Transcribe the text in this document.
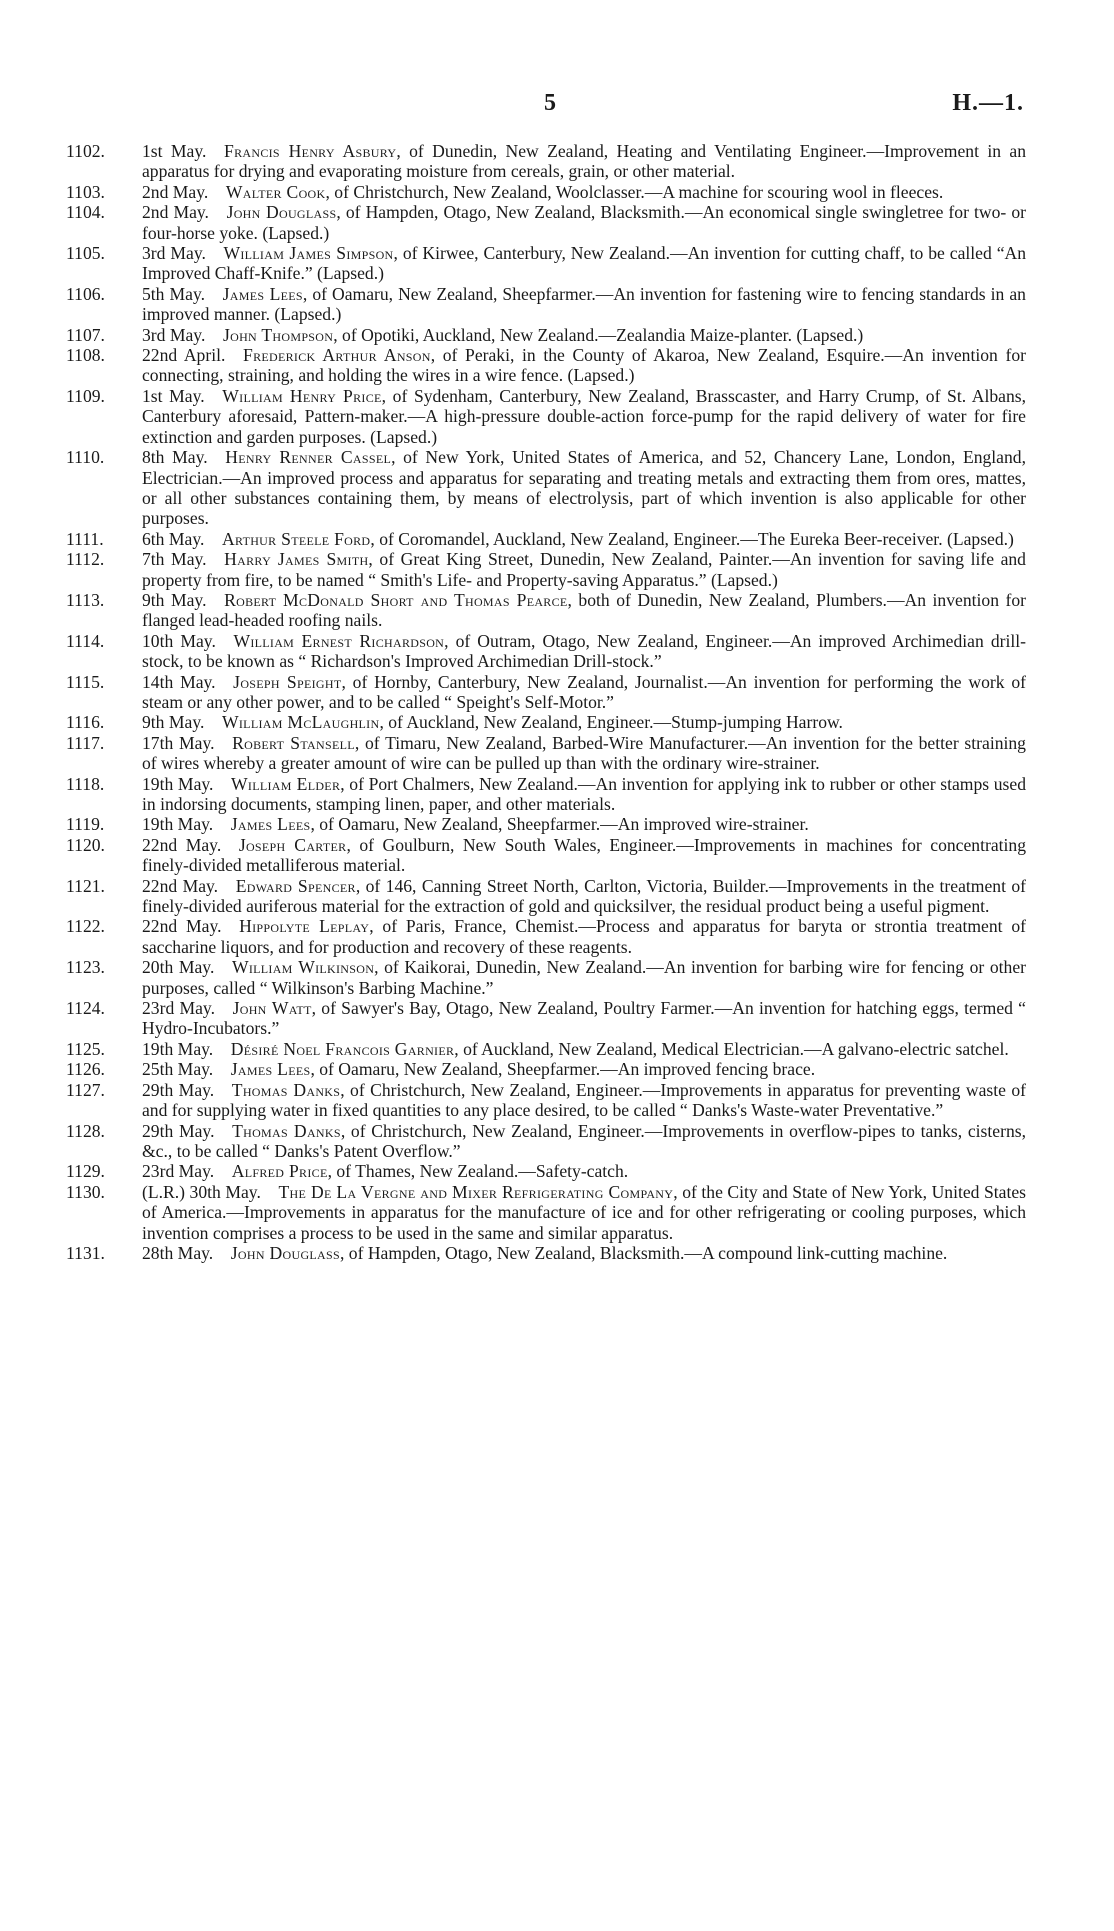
5	H.—1.
1102.	1st May.  Francis Henry Asbury, of Dunedin, New Zealand, Heating and Ventilating Engineer.—Improvement in an apparatus for drying and evaporating moisture from cereals, grain, or other material.
1103.	2nd May.  Walter Cook, of Christchurch, New Zealand, Woolclasser.—A machine for scouring wool in fleeces.
1104.	2nd May.  John Douglass, of Hampden, Otago, New Zealand, Blacksmith.—An economical single swingletree for two- or four-horse yoke. (Lapsed.)
1105.	3rd May.  William James Simpson, of Kirwee, Canterbury, New Zealand.—An invention for cutting chaff, to be called “An Improved Chaff-Knife.” (Lapsed.)
1106.	5th May.  James Lees, of Oamaru, New Zealand, Sheepfarmer.—An invention for fastening wire to fencing standards in an improved manner. (Lapsed.)
1107.	3rd May.  John Thompson, of Opotiki, Auckland, New Zealand.—Zealandia Maize-planter. (Lapsed.)
1108.	22nd April.  Frederick Arthur Anson, of Peraki, in the County of Akaroa, New Zealand, Esquire.—An invention for connecting, straining, and holding the wires in a wire fence. (Lapsed.)
1109.	1st May.  William Henry Price, of Sydenham, Canterbury, New Zealand, Brasscaster, and Harry Crump, of St. Albans, Canterbury aforesaid, Pattern-maker.—A high-pressure double-action force-pump for the rapid delivery of water for fire extinction and garden purposes. (Lapsed.)
1110.	8th May.  Henry Renner Cassel, of New York, United States of America, and 52, Chancery Lane, London, England, Electrician.—An improved process and apparatus for separating and treating metals and extracting them from ores, mattes, or all other substances containing them, by means of electrolysis, part of which invention is also applicable for other purposes.
1111.	6th May.  Arthur Steele Ford, of Coromandel, Auckland, New Zealand, Engineer.—The Eureka Beer-receiver. (Lapsed.)
1112.	7th May.  Harry James Smith, of Great King Street, Dunedin, New Zealand, Painter.—An invention for saving life and property from fire, to be named “ Smith's Life- and Property-saving Apparatus.” (Lapsed.)
1113.	9th May.  Robert McDonald Short and Thomas Pearce, both of Dunedin, New Zealand, Plumbers.—An invention for flanged lead-headed roofing nails.
1114.	10th May.  William Ernest Richardson, of Outram, Otago, New Zealand, Engineer.—An improved Archimedian drill-stock, to be known as “ Richardson's Improved Archimedian Drill-stock.”
1115.	14th May.  Joseph Speight, of Hornby, Canterbury, New Zealand, Journalist.—An invention for performing the work of steam or any other power, and to be called “ Speight's Self-Motor.”
1116.	9th May.  William McLaughlin, of Auckland, New Zealand, Engineer.—Stump-jumping Harrow.
1117.	17th May.  Robert Stansell, of Timaru, New Zealand, Barbed-Wire Manufacturer.—An invention for the better straining of wires whereby a greater amount of wire can be pulled up than with the ordinary wire-strainer.
1118.	19th May.  William Elder, of Port Chalmers, New Zealand.—An invention for applying ink to rubber or other stamps used in indorsing documents, stamping linen, paper, and other materials.
1119.	19th May.  James Lees, of Oamaru, New Zealand, Sheepfarmer.—An improved wire-strainer.
1120.	22nd May.  Joseph Carter, of Goulburn, New South Wales, Engineer.—Improvements in machines for concentrating finely-divided metalliferous material.
1121.	22nd May.  Edward Spencer, of 146, Canning Street North, Carlton, Victoria, Builder.—Improvements in the treatment of finely-divided auriferous material for the extraction of gold and quicksilver, the residual product being a useful pigment.
1122.	22nd May.  Hippolyte Leplay, of Paris, France, Chemist.—Process and apparatus for baryta or strontia treatment of saccharine liquors, and for production and recovery of these reagents.
1123.	20th May.  William Wilkinson, of Kaikorai, Dunedin, New Zealand.—An invention for barbing wire for fencing or other purposes, called “ Wilkinson's Barbing Machine.”
1124.	23rd May.  John Watt, of Sawyer's Bay, Otago, New Zealand, Poultry Farmer.—An invention for hatching eggs, termed “ Hydro-Incubators.”
1125.	19th May.  Désiré Noel Francois Garnier, of Auckland, New Zealand, Medical Electrician.—A galvano-electric satchel.
1126.	25th May.  James Lees, of Oamaru, New Zealand, Sheepfarmer.—An improved fencing brace.
1127.	29th May.  Thomas Danks, of Christchurch, New Zealand, Engineer.—Improvements in apparatus for preventing waste of and for supplying water in fixed quantities to any place desired, to be called “ Danks's Waste-water Preventative.”
1128.	29th May.  Thomas Danks, of Christchurch, New Zealand, Engineer.—Improvements in overflow-pipes to tanks, cisterns, &c., to be called “ Danks's Patent Overflow.”
1129.	23rd May.  Alfred Price, of Thames, New Zealand.—Safety-catch.
1130.	(L.R.) 30th May.  The De La Vergne and Mixer Refrigerating Company, of the City and State of New York, United States of America.—Improvements in apparatus for the manufacture of ice and for other refrigerating or cooling purposes, which invention comprises a process to be used in the same and similar apparatus.
1131.	28th May.  John Douglass, of Hampden, Otago, New Zealand, Blacksmith.—A compound link-cutting machine.
